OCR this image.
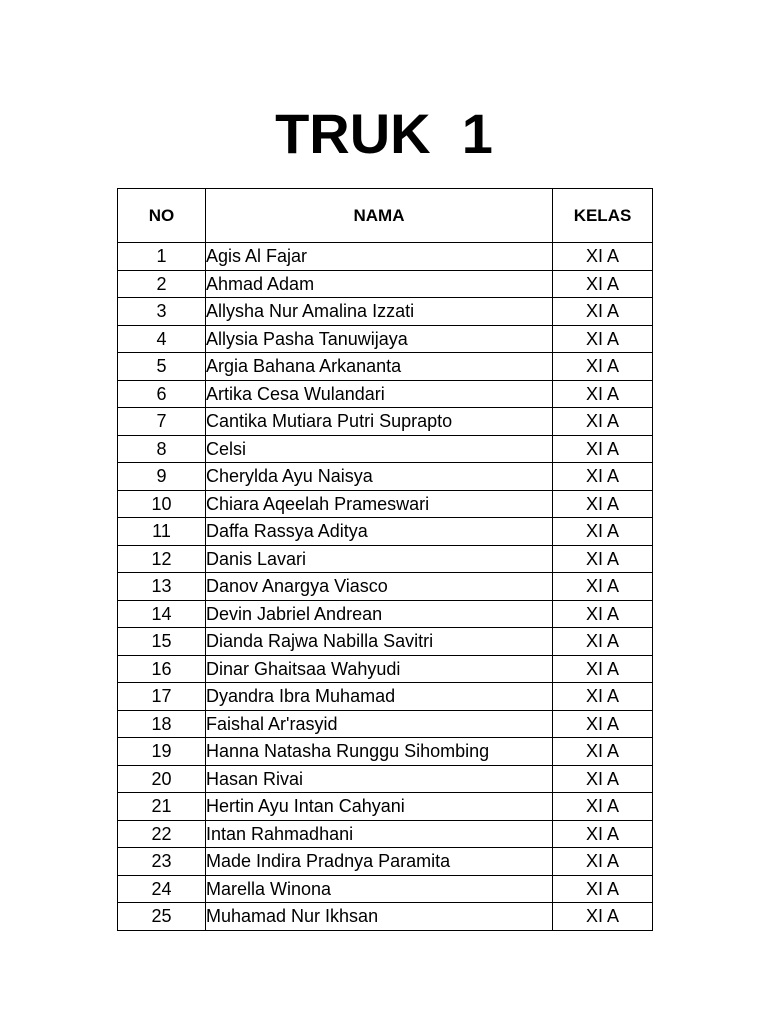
TRUK  1
NO	NAMA	KELAS
1	Agis Al Fajar	XI A
2	Ahmad Adam	XI A
3	Allysha Nur Amalina Izzati	XI A
4	Allysia Pasha Tanuwijaya	XI A
5	Argia Bahana Arkananta	XI A
6	Artika Cesa Wulandari	XI A
7	Cantika Mutiara Putri Suprapto	XI A
8	Celsi	XI A
9	Cherylda Ayu Naisya	XI A
10	Chiara Aqeelah Prameswari	XI A
11	Daffa Rassya Aditya	XI A
12	Danis Lavari	XI A
13	Danov Anargya Viasco	XI A
14	Devin Jabriel Andrean	XI A
15	Dianda Rajwa Nabilla Savitri	XI A
16	Dinar Ghaitsaa Wahyudi	XI A
17	Dyandra Ibra Muhamad	XI A
18	Faishal Ar'rasyid	XI A
19	Hanna Natasha Runggu Sihombing	XI A
20	Hasan Rivai	XI A
21	Hertin Ayu Intan Cahyani	XI A
22	Intan Rahmadhani	XI A
23	Made Indira Pradnya Paramita	XI A
24	Marella Winona	XI A
25	Muhamad Nur Ikhsan	XI A
